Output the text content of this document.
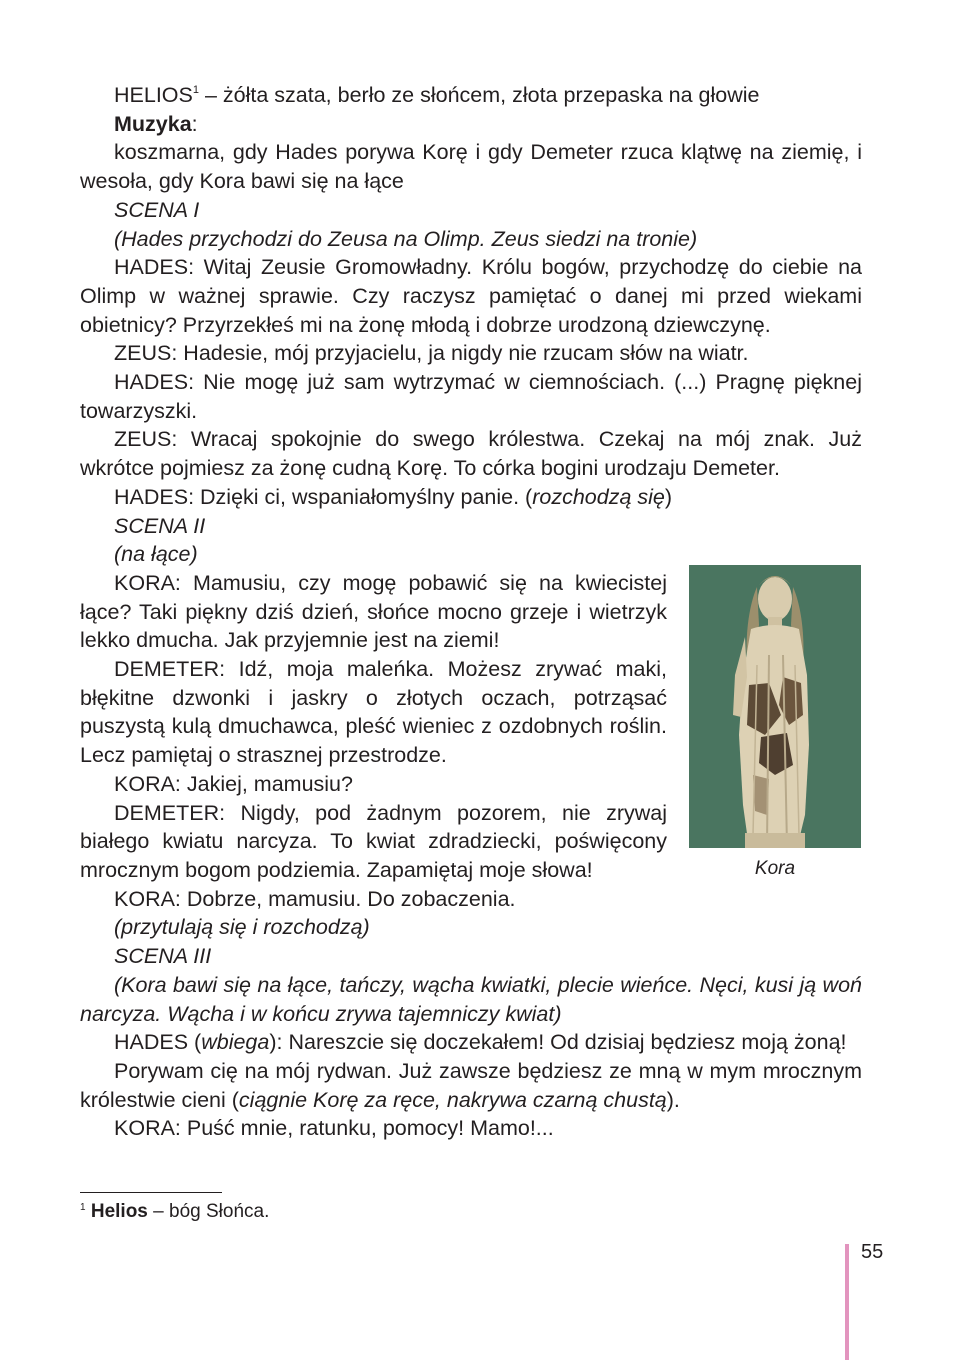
HELIOS$^1$ – żółta szata, berło ze słońcem, złota przepaska na głowie

Muzyka:

koszmarna, gdy Hades porywa Korę i gdy Demeter rzuca klątwę na ziemię, i wesoła, gdy Kora bawi się na łące

SCENA I

(Hades przychodzi do Zeusa na Olimp. Zeus siedzi na tronie)

HADES: Witaj Zeusie Gromowładny. Królu bogów, przychodzę do ciebie na Olimp w ważnej sprawie. Czy raczysz pamiętać o danej mi przed wiekami obietnicy? Przyrzekłeś mi na żonę młodą i dobrze urodzoną dziewczynę.

ZEUS: Hadesie, mój przyjacielu, ja nigdy nie rzucam słów na wiatr.

HADES: Nie mogę już sam wytrzymać w ciemnościach. (...) Pragnę pięknej towarzyszki.

ZEUS: Wracaj spokojnie do swego królestwa. Czekaj na mój znak. Już wkrótce pojmiesz za żonę cudną Korę. To córka bogini urodzaju Demeter.

HADES: Dzięki ci, wspaniałomyślny panie. (rozchodzą się)

SCENA II

(na łące)

KORA: Mamusiu, czy mogę pobawić się na kwiecistej łące? Taki piękny dziś dzień, słońce mocno grzeje i wietrzyk lekko dmucha. Jak przyjemnie jest na ziemi!

DEMETER: Idź, moja maleńka. Możesz zrywać maki, błękitne dzwonki i jaskry o złotych oczach, potrząsać puszystą kulą dmuchawca, pleść wieniec z ozdobnych roślin. Lecz pamiętaj o strasznej przestrodze.

KORA: Jakiej, mamusiu?

DEMETER: Nigdy, pod żadnym pozorem, nie zrywaj białego kwiatu narcyza. To kwiat zdradziecki, poświęcony mrocznym bogom podziemia. Zapamiętaj moje słowa!

KORA: Dobrze, mamusiu. Do zobaczenia.

(przytulają się i rozchodzą)

SCENA III

(Kora bawi się na łące, tańczy, wącha kwiatki, plecie wieńce. Nęci, kusi ją woń narcyza. Wącha i w końcu zrywa tajemniczy kwiat)

HADES (wbiega): Nareszcie się doczekałem! Od dzisiaj będziesz moją żoną!

Porywam cię na mój rydwan. Już zawsze będziesz ze mną w mym mrocznym królestwie cieni (ciągnie Korę za ręce, nakrywa czarną chustą).

KORA: Puść mnie, ratunku, pomocy! Mamo!...

Kora
$^1$ Helios – bóg Słońca.
55
